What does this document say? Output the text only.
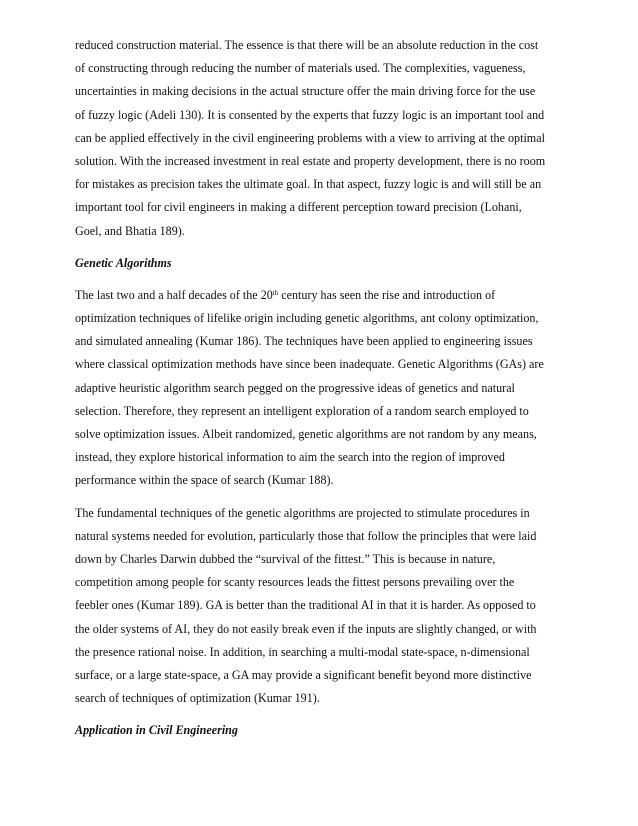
reduced construction material. The essence is that there will be an absolute reduction in the cost
of constructing through reducing the number of materials used. The complexities, vagueness,
uncertainties in making decisions in the actual structure offer the main driving force for the use
of fuzzy logic (Adeli 130). It is consented by the experts that fuzzy logic is an important tool and
can be applied effectively in the civil engineering problems with a view to arriving at the optimal
solution. With the increased investment in real estate and property development, there is no room
for mistakes as precision takes the ultimate goal. In that aspect, fuzzy logic is and will still be an
important tool for civil engineers in making a different perception toward precision (Lohani,
Goel, and Bhatia 189).
Genetic Algorithms
The last two and a half decades of the 20th century has seen the rise and introduction of
optimization techniques of lifelike origin including genetic algorithms, ant colony optimization,
and simulated annealing (Kumar 186). The techniques have been applied to engineering issues
where classical optimization methods have since been inadequate. Genetic Algorithms (GAs) are
adaptive heuristic algorithm search pegged on the progressive ideas of genetics and natural
selection. Therefore, they represent an intelligent exploration of a random search employed to
solve optimization issues. Albeit randomized, genetic algorithms are not random by any means,
instead, they explore historical information to aim the search into the region of improved
performance within the space of search (Kumar 188).
The fundamental techniques of the genetic algorithms are projected to stimulate procedures in
natural systems needed for evolution, particularly those that follow the principles that were laid
down by Charles Darwin dubbed the “survival of the fittest.” This is because in nature,
competition among people for scanty resources leads the fittest persons prevailing over the
feebler ones (Kumar 189). GA is better than the traditional AI in that it is harder. As opposed to
the older systems of AI, they do not easily break even if the inputs are slightly changed, or with
the presence rational noise. In addition, in searching a multi-modal state-space, n-dimensional
surface, or a large state-space, a GA may provide a significant benefit beyond more distinctive
search of techniques of optimization (Kumar 191).
Application in Civil Engineering
